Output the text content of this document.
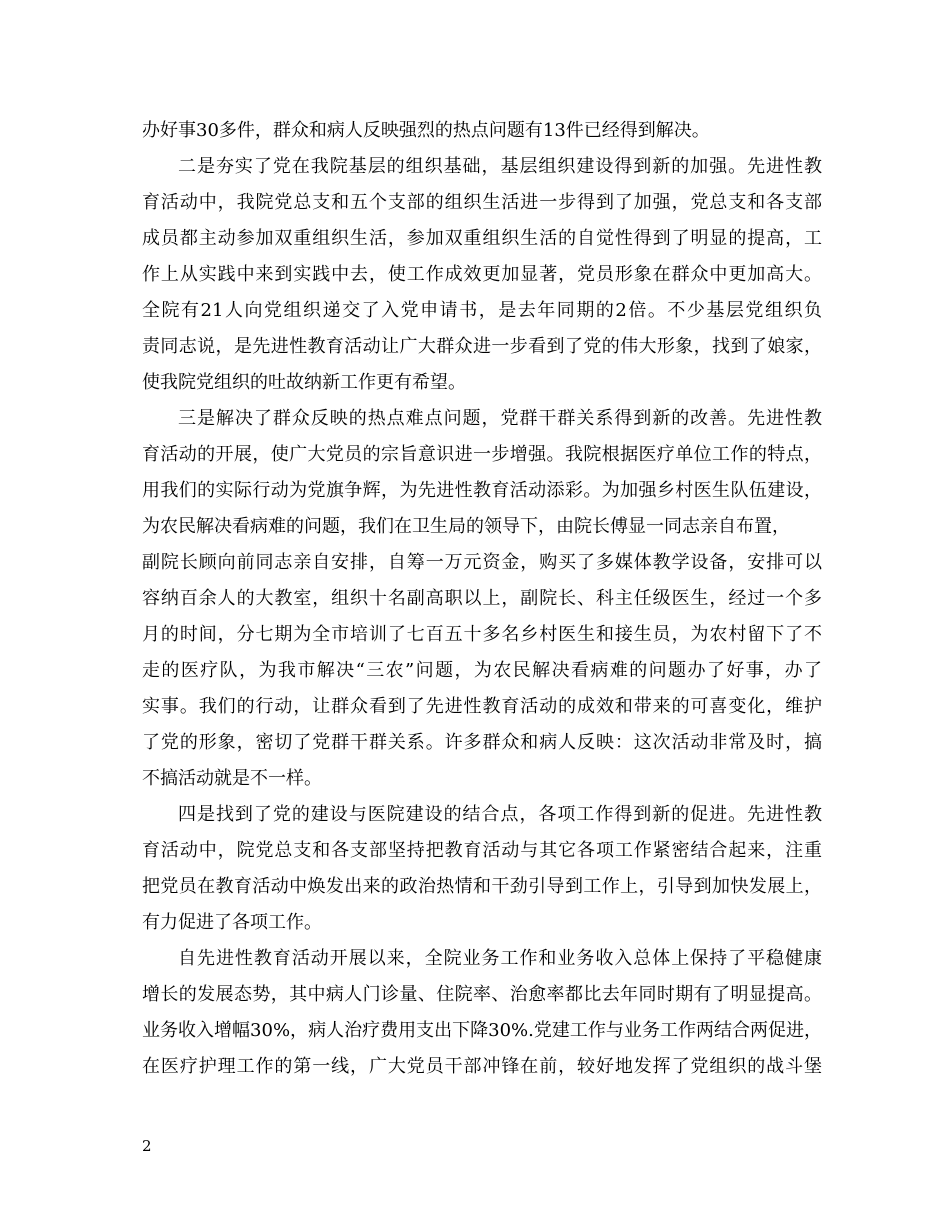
办好事30多件，群众和病人反映强烈的热点问题有13件已经得到解决。
二是夯实了党在我院基层的组织基础，基层组织建设得到新的加强。先进性教
育活动中，我院党总支和五个支部的组织生活进一步得到了加强，党总支和各支部
成员都主动参加双重组织生活，参加双重组织生活的自觉性得到了明显的提高，工
作上从实践中来到实践中去，使工作成效更加显著，党员形象在群众中更加高大。
全院有21人向党组织递交了入党申请书，是去年同期的2倍。不少基层党组织负
责同志说，是先进性教育活动让广大群众进一步看到了党的伟大形象，找到了娘家，
使我院党组织的吐故纳新工作更有希望。
三是解决了群众反映的热点难点问题，党群干群关系得到新的改善。先进性教
育活动的开展，使广大党员的宗旨意识进一步增强。我院根据医疗单位工作的特点，
用我们的实际行动为党旗争辉，为先进性教育活动添彩。为加强乡村医生队伍建设，
为农民解决看病难的问题，我们在卫生局的领导下，由院长傅显一同志亲自布置，
副院长顾向前同志亲自安排，自筹一万元资金，购买了多媒体教学设备，安排可以
容纳百余人的大教室，组织十名副高职以上，副院长、科主任级医生，经过一个多
月的时间，分七期为全市培训了七百五十多名乡村医生和接生员，为农村留下了不
走的医疗队，为我市解决“三农”问题，为农民解决看病难的问题办了好事，办了
实事。我们的行动，让群众看到了先进性教育活动的成效和带来的可喜变化，维护
了党的形象，密切了党群干群关系。许多群众和病人反映：这次活动非常及时，搞
不搞活动就是不一样。
四是找到了党的建设与医院建设的结合点，各项工作得到新的促进。先进性教
育活动中，院党总支和各支部坚持把教育活动与其它各项工作紧密结合起来，注重
把党员在教育活动中焕发出来的政治热情和干劲引导到工作上，引导到加快发展上，
有力促进了各项工作。
自先进性教育活动开展以来，全院业务工作和业务收入总体上保持了平稳健康
增长的发展态势，其中病人门诊量、住院率、治愈率都比去年同时期有了明显提高。
业务收入增幅30%，病人治疗费用支出下降30%.党建工作与业务工作两结合两促进，
在医疗护理工作的第一线，广大党员干部冲锋在前，较好地发挥了党组织的战斗堡
2
